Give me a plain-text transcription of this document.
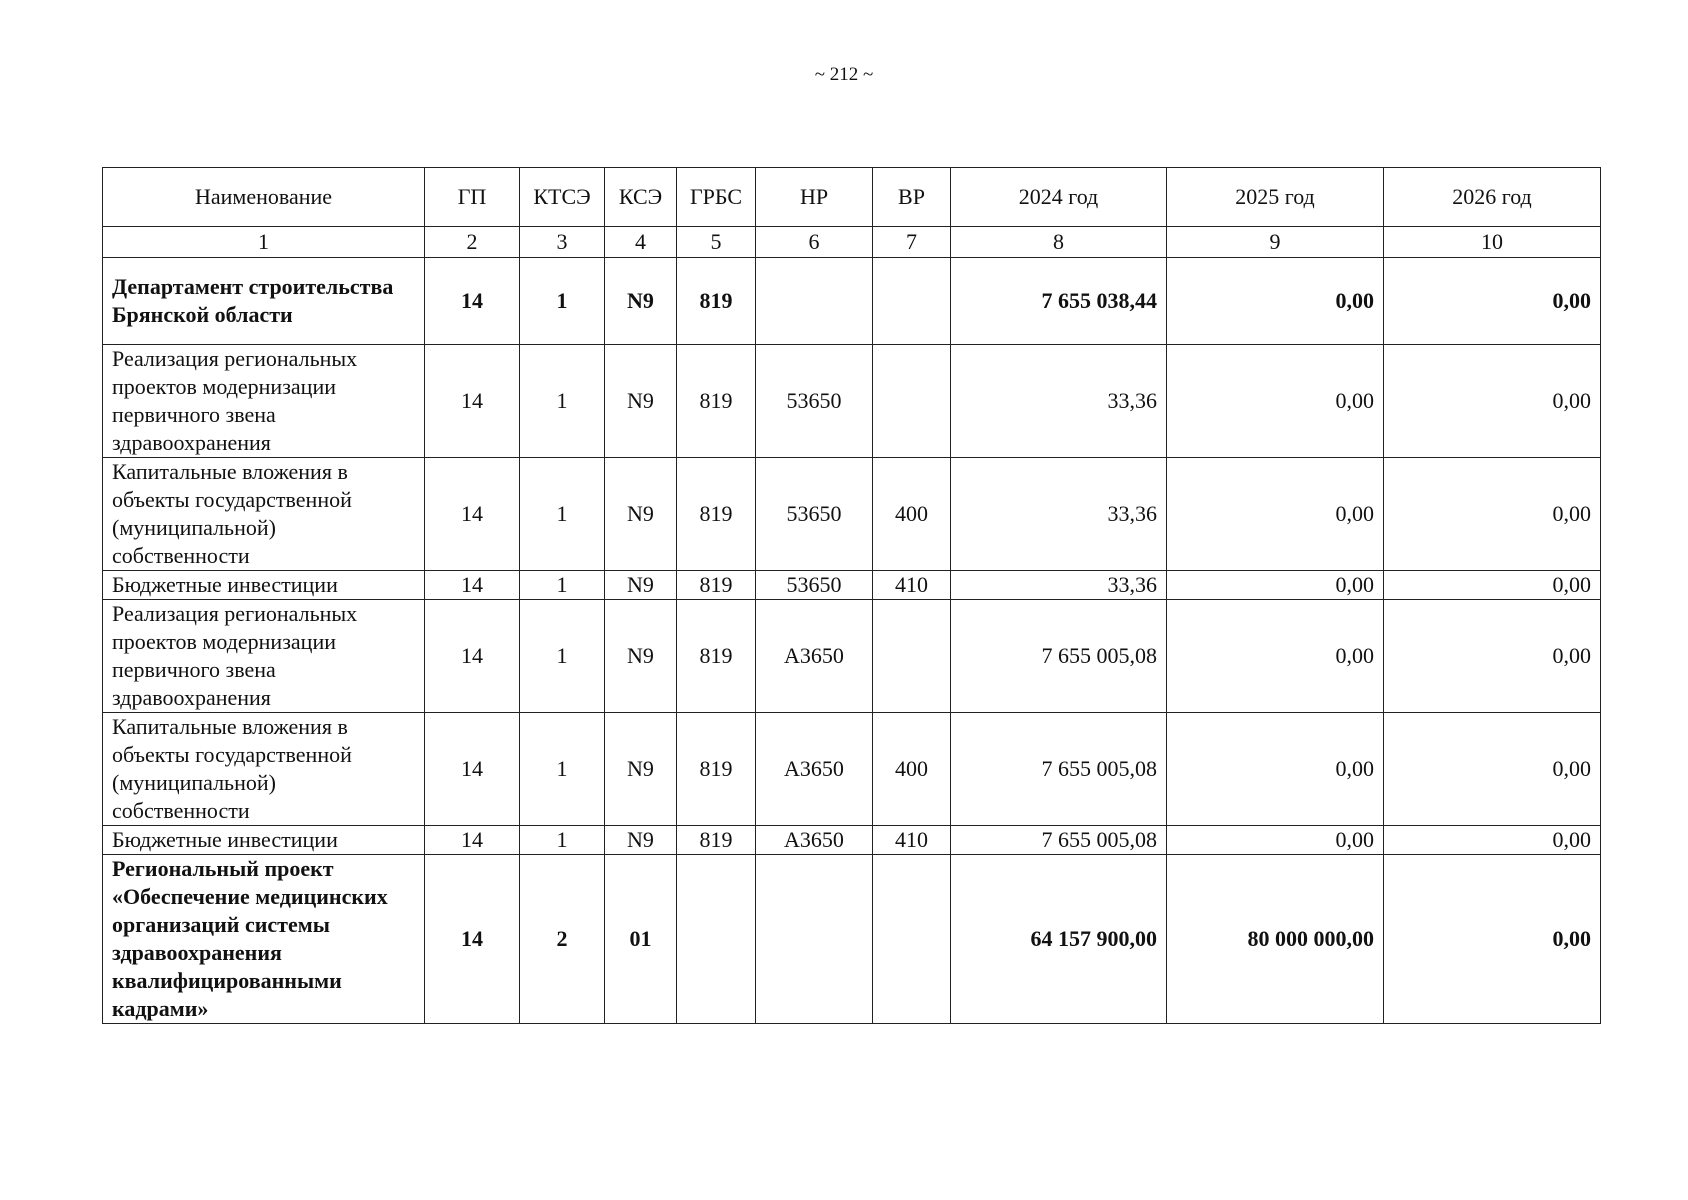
~ 212 ~
Наименование	ГП	КТСЭ	КСЭ	ГРБС	НР	ВР	2024 год	2025 год	2026 год
1	2	3	4	5	6	7	8	9	10
Департамент строительства Брянской области	14	1	N9	819			7 655 038,44	0,00	0,00
Реализация региональных проектов модернизации первичного звена здравоохранения	14	1	N9	819	53650		33,36	0,00	0,00
Капитальные вложения в объекты государственной (муниципальной) собственности	14	1	N9	819	53650	400	33,36	0,00	0,00
Бюджетные инвестиции	14	1	N9	819	53650	410	33,36	0,00	0,00
Реализация региональных проектов модернизации первичного звена здравоохранения	14	1	N9	819	А3650		7 655 005,08	0,00	0,00
Капитальные вложения в объекты государственной (муниципальной) собственности	14	1	N9	819	А3650	400	7 655 005,08	0,00	0,00
Бюджетные инвестиции	14	1	N9	819	А3650	410	7 655 005,08	0,00	0,00
Региональный проект «Обеспечение медицинских организаций системы здравоохранения квалифицированными кадрами»	14	2	01				64 157 900,00	80 000 000,00	0,00
